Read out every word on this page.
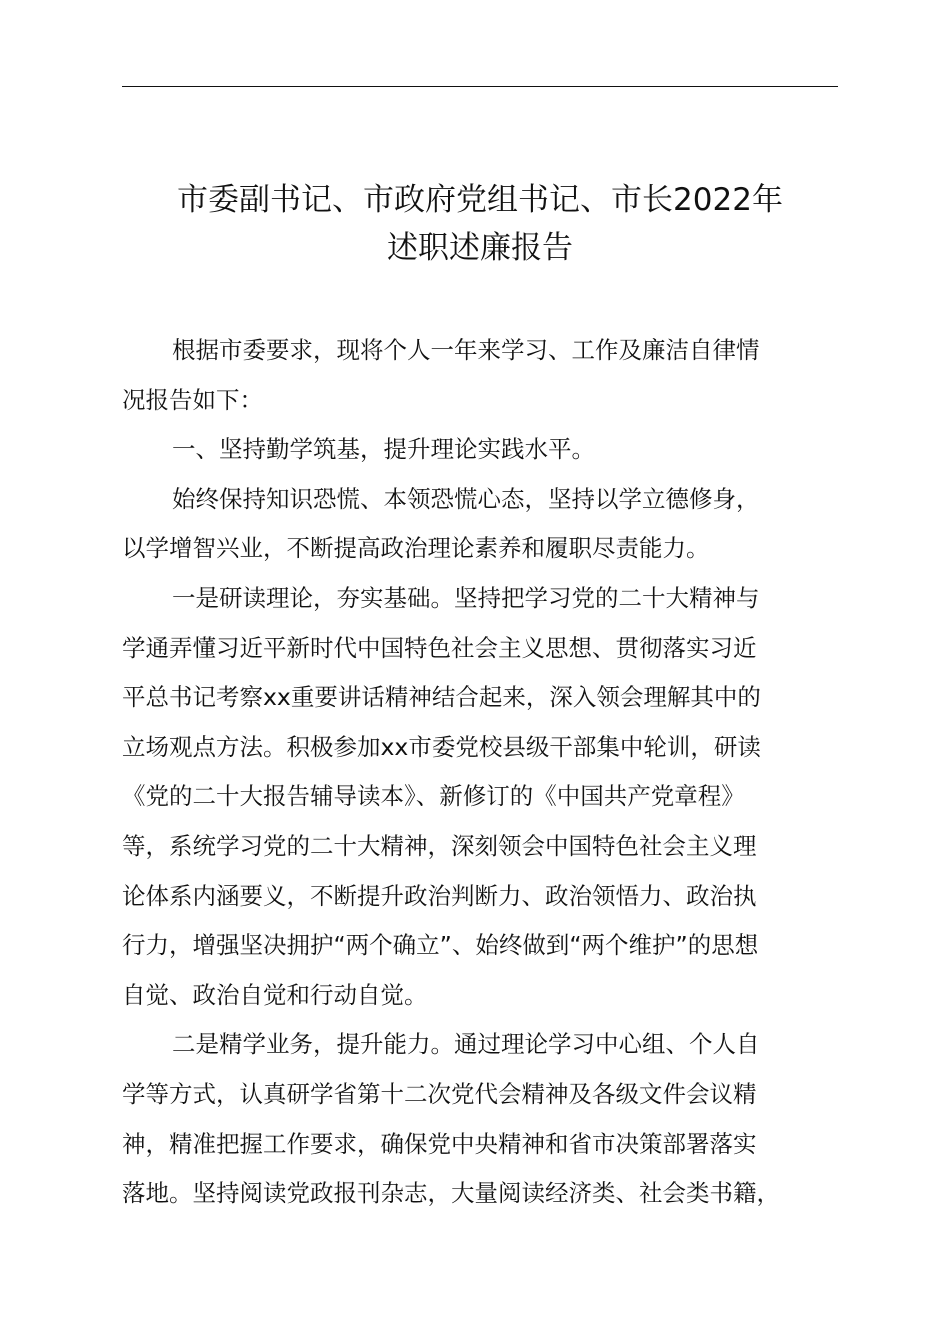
市委副书记、市政府党组书记、市长2022年
述职述廉报告
根据市委要求，现将个人一年来学习、工作及廉洁自律情
况报告如下：
一、坚持勤学筑基，提升理论实践水平。
始终保持知识恐慌、本领恐慌心态，坚持以学立德修身，
以学增智兴业，不断提高政治理论素养和履职尽责能力。
一是研读理论，夯实基础。坚持把学习党的二十大精神与
学通弄懂习近平新时代中国特色社会主义思想、贯彻落实习近
平总书记考察xx重要讲话精神结合起来，深入领会理解其中的
立场观点方法。积极参加xx市委党校县级干部集中轮训，研读
《党的二十大报告辅导读本》、新修订的《中国共产党章程》
等，系统学习党的二十大精神，深刻领会中国特色社会主义理
论体系内涵要义，不断提升政治判断力、政治领悟力、政治执
行力，增强坚决拥护“两个确立”、始终做到“两个维护”的思想
自觉、政治自觉和行动自觉。
二是精学业务，提升能力。通过理论学习中心组、个人自
学等方式，认真研学省第十二次党代会精神及各级文件会议精
神，精准把握工作要求，确保党中央精神和省市决策部署落实
落地。坚持阅读党政报刊杂志，大量阅读经济类、社会类书籍，
